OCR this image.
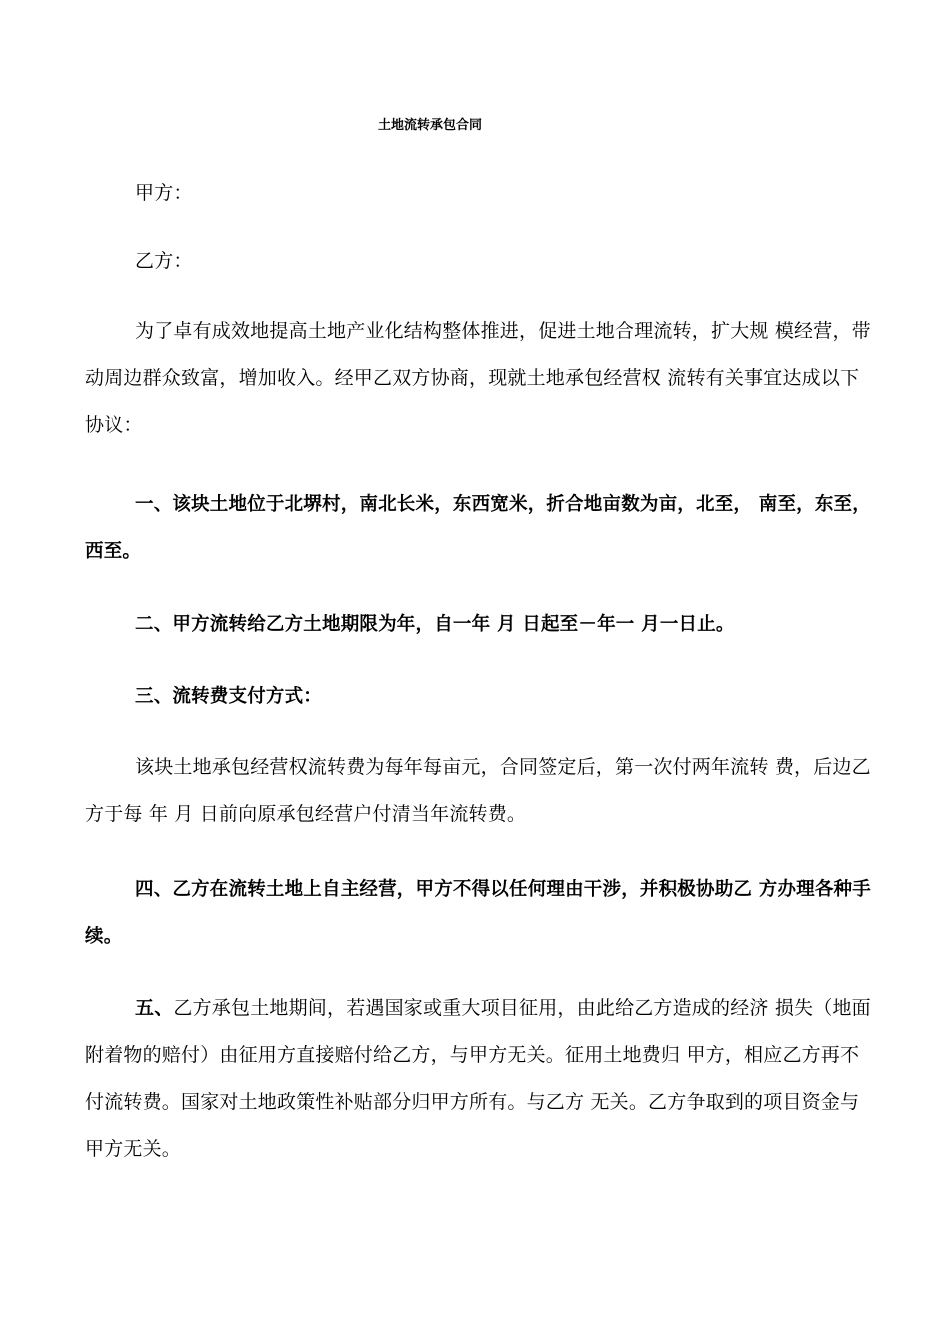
土地流转承包合同

甲方：

乙方：

为了卓有成效地提高土地产业化结构整体推进，促进土地合理流转，扩大规 模经营，带动周边群众致富，增加收入。经甲乙双方协商，现就土地承包经营权 流转有关事宜达成以下协议：

一、该块土地位于北堺村，南北长米，东西宽米，折合地亩数为亩，北至， 南至，东至，西至。

二、甲方流转给乙方土地期限为年，自一年 月 日起至－年一 月一日止。

三、流转费支付方式：

该块土地承包经营权流转费为每年每亩元，合同签定后，第一次付两年流转 费，后边乙方于每 年 月 日前向原承包经营户付清当年流转费。

四、乙方在流转土地上自主经营，甲方不得以任何理由干涉，并积极协助乙 方办理各种手续。

五、乙方承包土地期间，若遇国家或重大项目征用，由此给乙方造成的经济 损失（地面附着物的赔付）由征用方直接赔付给乙方，与甲方无关。征用土地费归 甲方，相应乙方再不付流转费。国家对土地政策性补贴部分归甲方所有。与乙方 无关。乙方争取到的项目资金与甲方无关。
